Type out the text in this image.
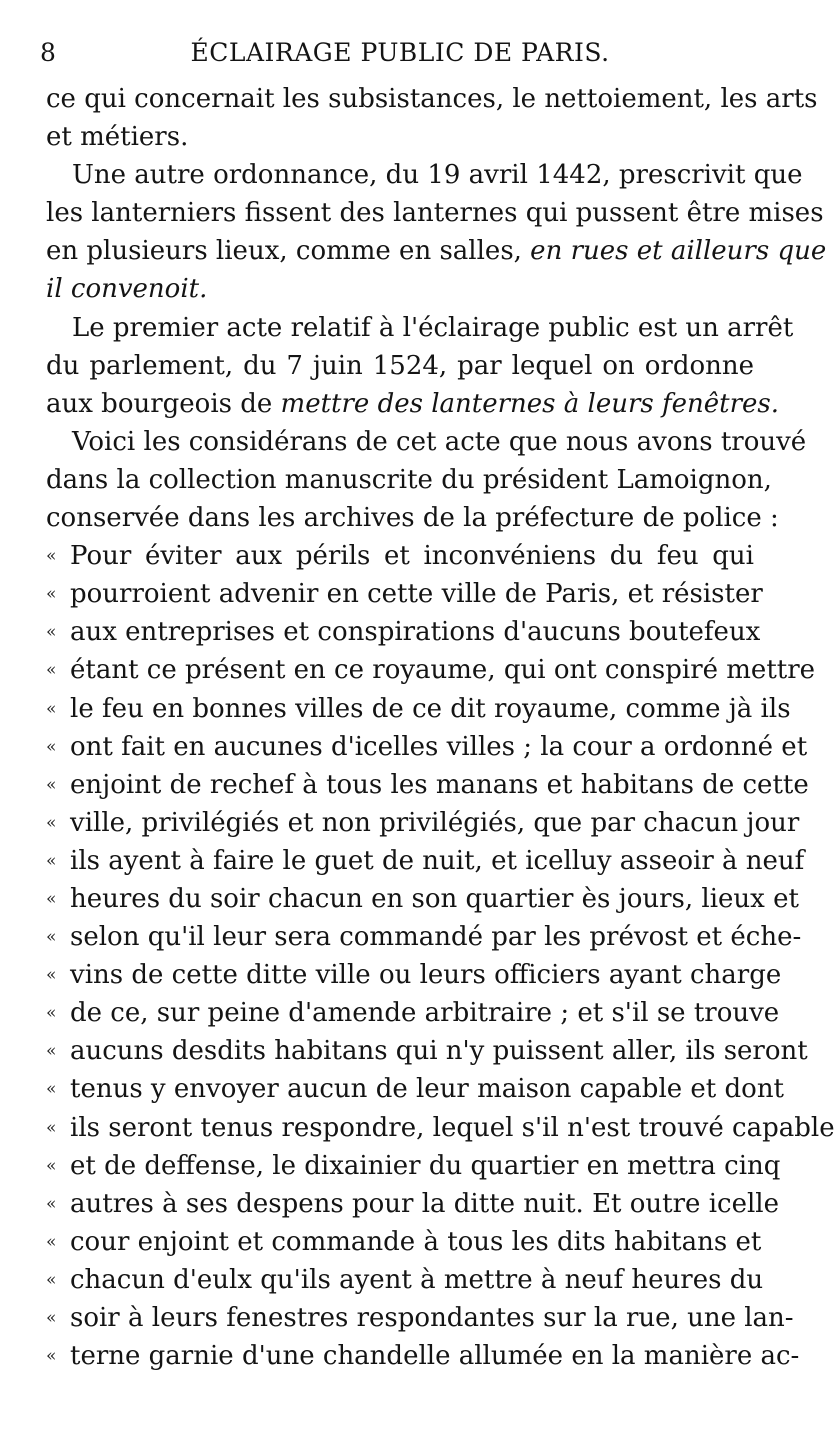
8	ÉCLAIRAGE PUBLIC DE PARIS.
ce qui concernait les subsistances, le nettoiement, les arts
et métiers.
Une autre ordonnance, du 19 avril 1442, prescrivit que
les lanterniers fissent des lanternes qui pussent être mises
en plusieurs lieux, comme en salles, en rues et ailleurs que
il convenoit.
Le premier acte relatif à l'éclairage public est un arrêt
du parlement, du 7 juin 1524, par lequel on ordonne
aux bourgeois de mettre des lanternes à leurs fenêtres.
Voici les considérans de cet acte que nous avons trouvé
dans la collection manuscrite du président Lamoignon,
conservée dans les archives de la préfecture de police :
« Pour éviter aux périls et inconvéniens du feu qui
« pourroient advenir en cette ville de Paris, et résister
« aux entreprises et conspirations d'aucuns boutefeux
« étant ce présent en ce royaume, qui ont conspiré mettre
« le feu en bonnes villes de ce dit royaume, comme jà ils
« ont fait en aucunes d'icelles villes ; la cour a ordonné et
« enjoint de rechef à tous les manans et habitans de cette
« ville, privilégiés et non privilégiés, que par chacun jour
« ils ayent à faire le guet de nuit, et icelluy asseoir à neuf
« heures du soir chacun en son quartier ès jours, lieux et
« selon qu'il leur sera commandé par les prévost et éche-
« vins de cette ditte ville ou leurs officiers ayant charge
« de ce, sur peine d'amende arbitraire ; et s'il se trouve
« aucuns desdits habitans qui n'y puissent aller, ils seront
« tenus y envoyer aucun de leur maison capable et dont
« ils seront tenus respondre, lequel s'il n'est trouvé capable
« et de deffense, le dixainier du quartier en mettra cinq
« autres à ses despens pour la ditte nuit. Et outre icelle
« cour enjoint et commande à tous les dits habitans et
« chacun d'eulx qu'ils ayent à mettre à neuf heures du
« soir à leurs fenestres respondantes sur la rue, une lan-
« terne garnie d'une chandelle allumée en la manière ac-
